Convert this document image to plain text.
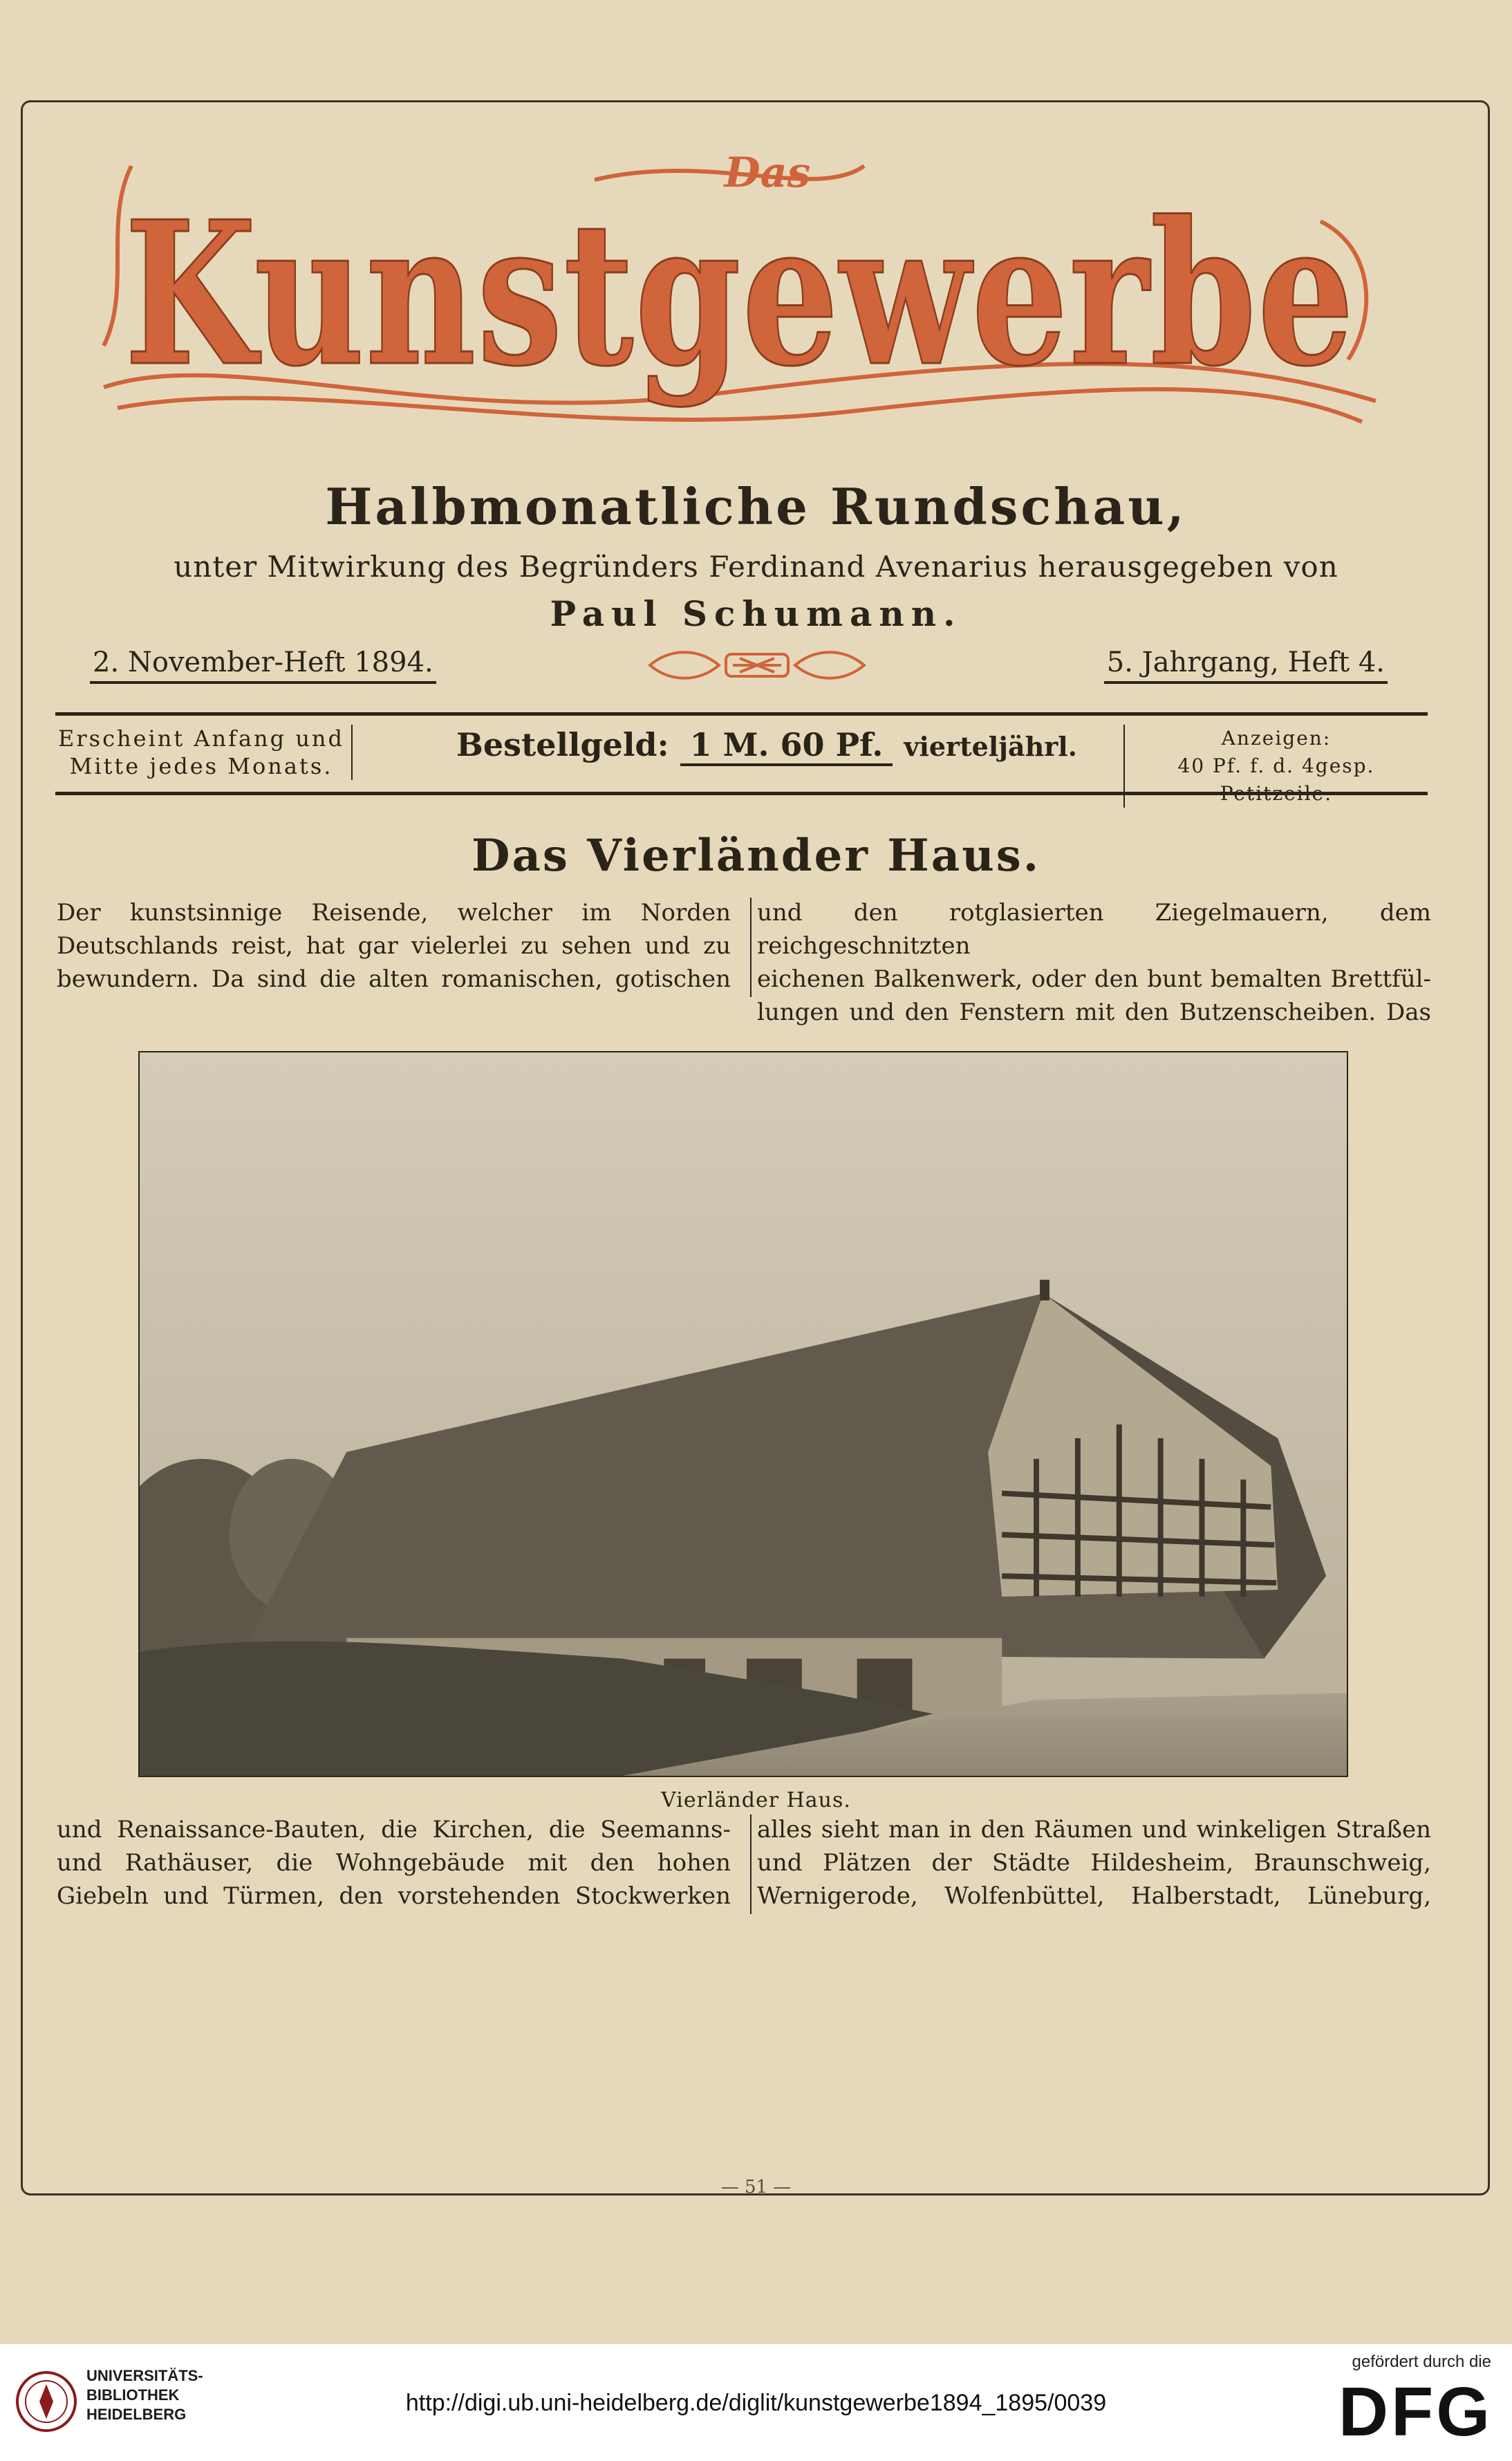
Das
Kunstgewerbe
Halbmonatliche Rundschau,
unter Mitwirkung des Begründers Ferdinand Avenarius herausgegeben von
Paul Schumann.
2. November-Heft 1894.	5. Jahrgang, Heft 4.
Erscheint Anfang und
Mitte jedes Monats.
Bestellgeld: 1 M. 60 Pf. vierteljährl.	Anzeigen:
40 Pf. f. d. 4gesp. Petitzeile.
Das Vierländer Haus.
Der kunstsinnige Reisende, welcher im Norden
Deutschlands reist, hat gar vielerlei zu sehen und zu
bewundern. Da sind die alten romanischen, gotischen
und den rotglasierten Ziegelmauern, dem reichgeschnitzten
eichenen Balkenwerk, oder den bunt bemalten Brettfül-
lungen und den Fenstern mit den Butzenscheiben. Das
Vierländer Haus.
und Renaissance-Bauten, die Kirchen, die Seemanns-
und Rathäuser, die Wohngebäude mit den hohen
Giebeln und Türmen, den vorstehenden Stockwerken
alles sieht man in den Räumen und winkeligen Straßen
und Plätzen der Städte Hildesheim, Braunschweig,
Wernigerode, Wolfenbüttel, Halberstadt, Lüneburg,
— 51 —
UNIVERSITÄTS-
BIBLIOTHEK
HEIDELBERG	http://digi.ub.uni-heidelberg.de/diglit/kunstgewerbe1894_1895/0039
gefördert durch die
DFG
